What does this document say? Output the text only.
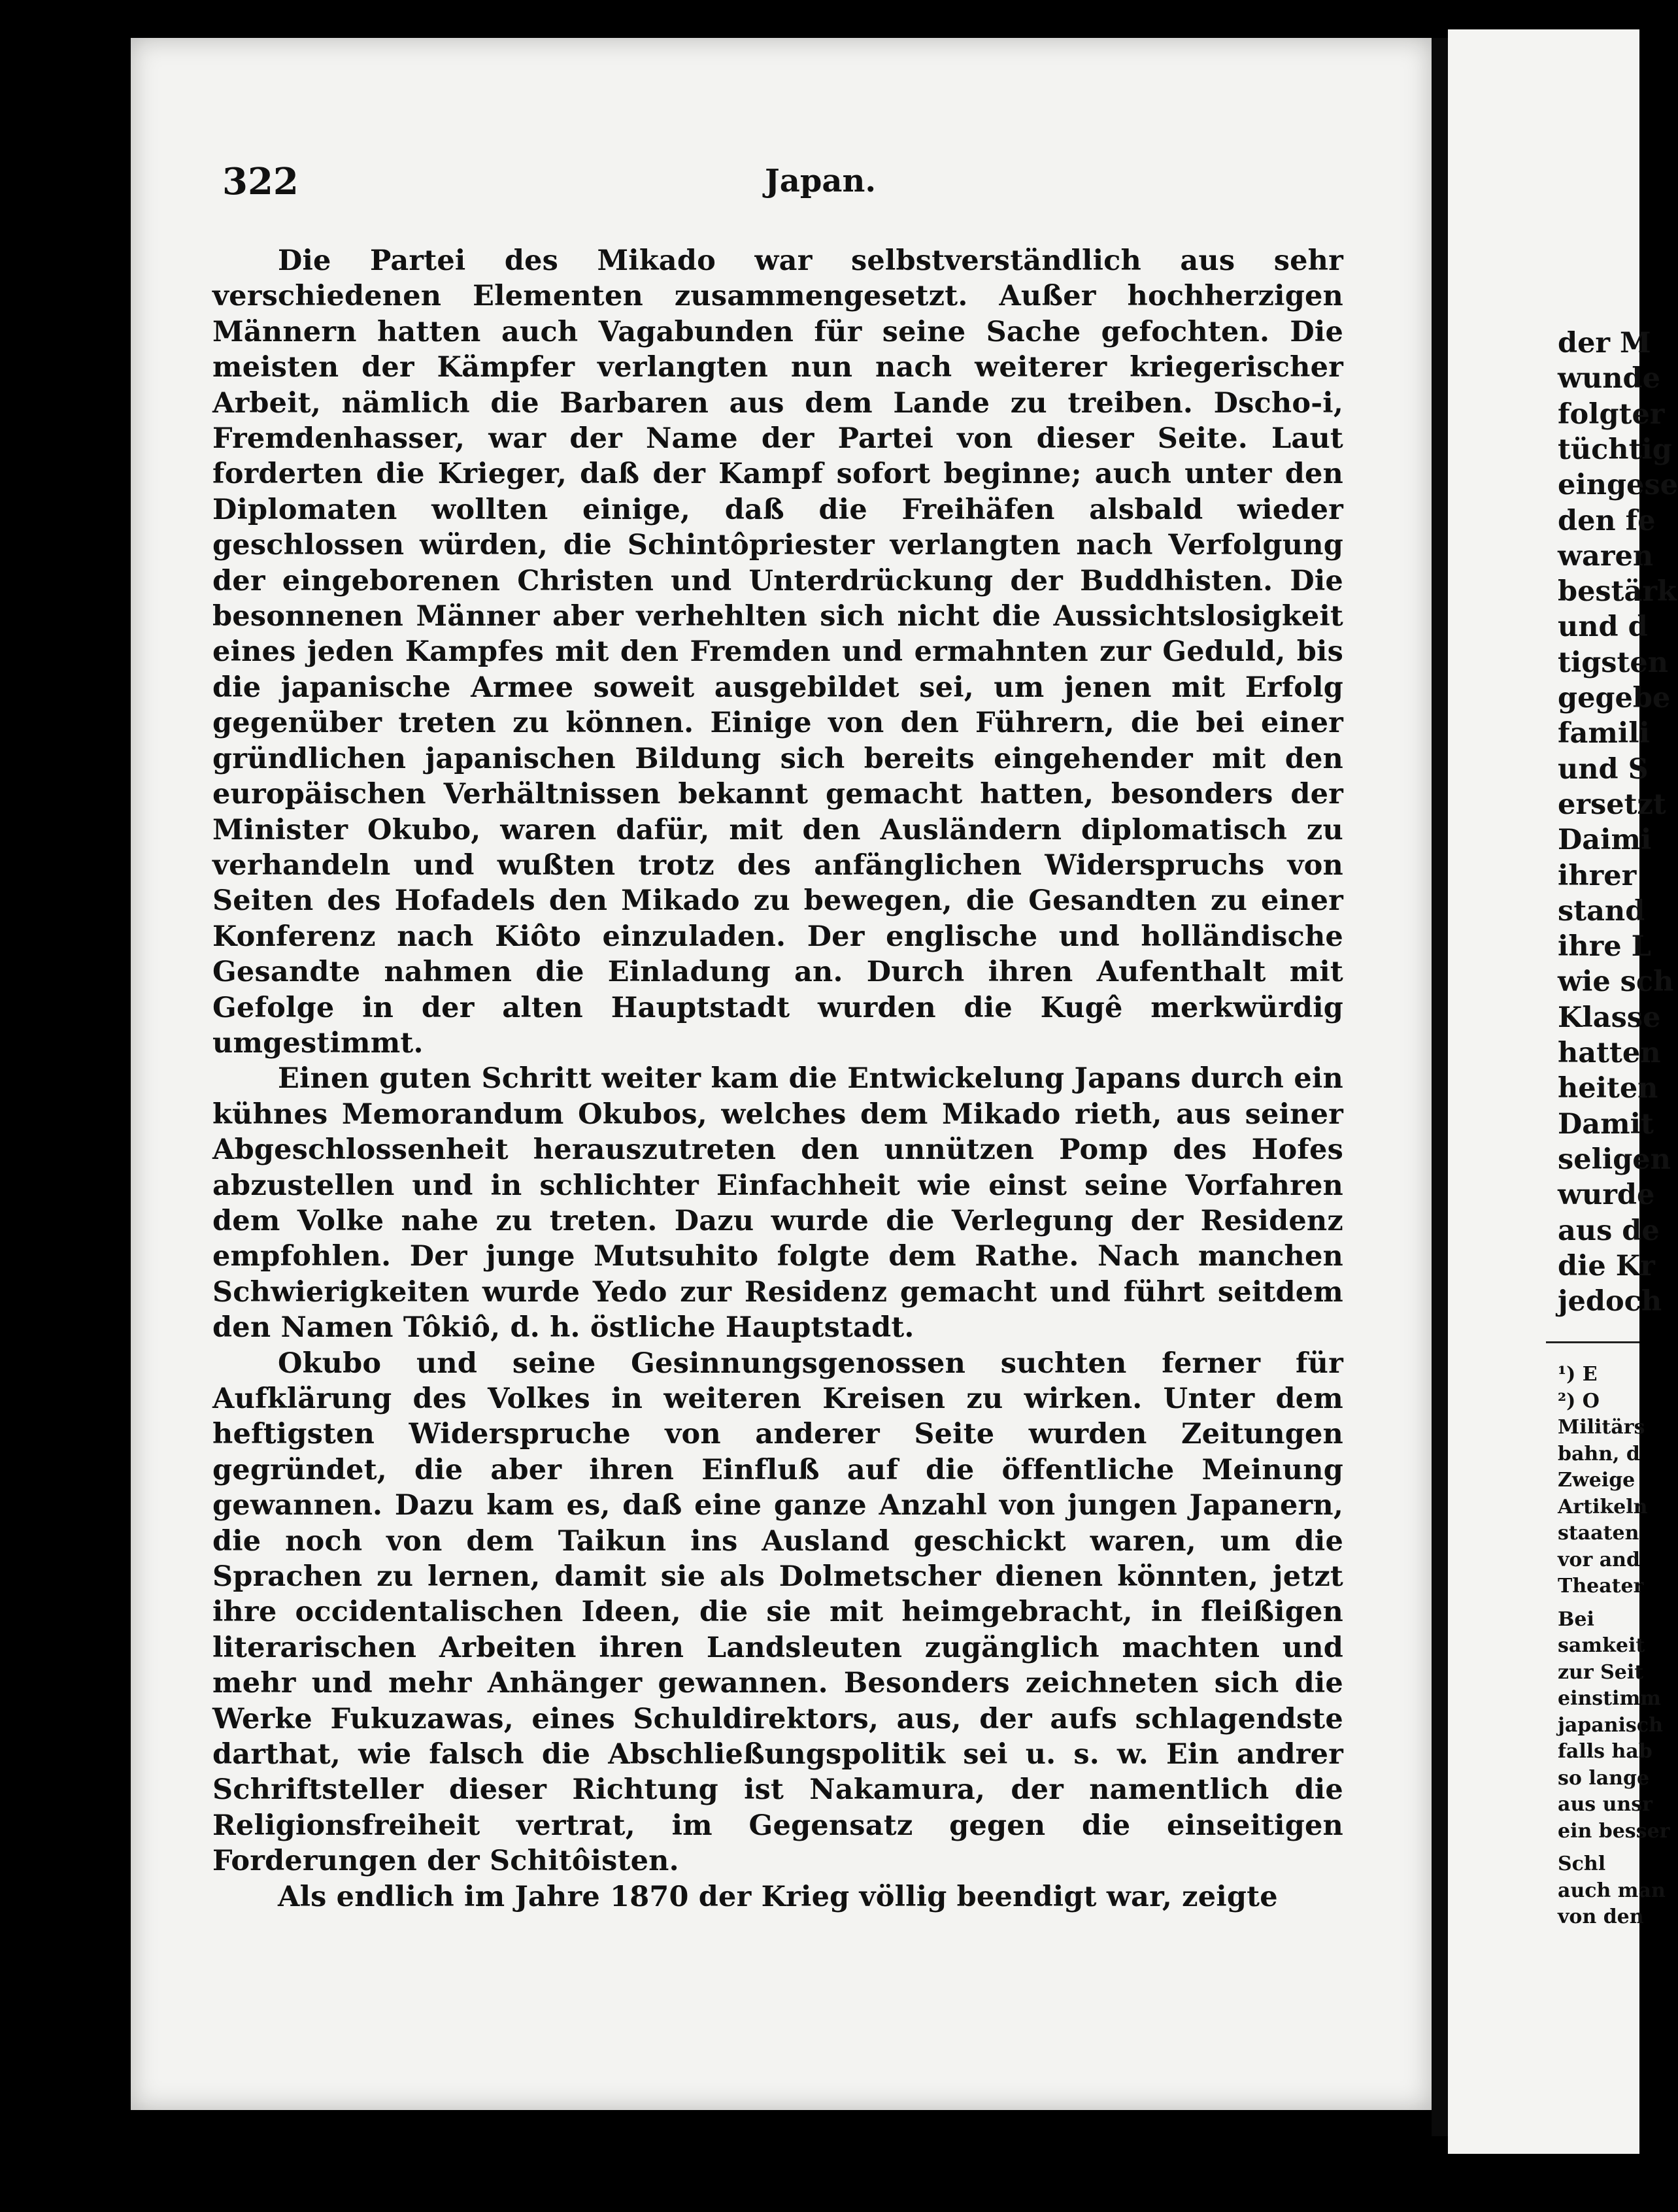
der M
wunde
folgter
tüchtig
eingese
den fe
waren
bestärk
und d
tigsten
gegebe
famili
und S
ersetzt
Daimi
ihrer
stand
ihre L
wie sch
Klasse
hatten
heiten
Damit
seligen
wurde
aus de
die Kr
jedoch
¹) E
²) O
Militärs
bahn, d
Zweige
Artikeln
staaten
vor and
Theater
Bei
samkeit
zur Seit
einstimm
japanisch
falls hab
so lange
aus unsr
ein besser
Schl
auch man
von den
322	Japan.

Die Partei des Mikado war selbstverständlich aus sehr verschiedenen Elementen zusammengesetzt. Außer hochherzigen Männern hatten auch Vagabunden für seine Sache gefochten. Die meisten der Kämpfer verlangten nun nach weiterer kriegerischer Arbeit, nämlich die Barbaren aus dem Lande zu treiben. Dscho-i, Fremdenhasser, war der Name der Partei von dieser Seite. Laut forderten die Krieger, daß der Kampf sofort beginne; auch unter den Diplomaten wollten einige, daß die Freihäfen alsbald wieder geschlossen würden, die Schintôpriester verlangten nach Verfolgung der eingeborenen Christen und Unterdrückung der Buddhisten. Die besonnenen Männer aber verhehlten sich nicht die Aussichtslosigkeit eines jeden Kampfes mit den Fremden und ermahnten zur Geduld, bis die japanische Armee soweit ausgebildet sei, um jenen mit Erfolg gegenüber treten zu können. Einige von den Führern, die bei einer gründlichen japanischen Bildung sich bereits eingehender mit den europäischen Verhältnissen bekannt gemacht hatten, besonders der Minister Okubo, waren dafür, mit den Ausländern diplomatisch zu verhandeln und wußten trotz des anfänglichen Widerspruchs von Seiten des Hofadels den Mikado zu bewegen, die Gesandten zu einer Konferenz nach Kiôto einzuladen. Der englische und holländische Gesandte nahmen die Einladung an. Durch ihren Aufenthalt mit Gefolge in der alten Hauptstadt wurden die Kugê merkwürdig umgestimmt.

Einen guten Schritt weiter kam die Entwickelung Japans durch ein kühnes Memorandum Okubos, welches dem Mikado rieth, aus seiner Abgeschlossenheit herauszutreten den unnützen Pomp des Hofes abzustellen und in schlichter Einfachheit wie einst seine Vorfahren dem Volke nahe zu treten. Dazu wurde die Verlegung der Residenz empfohlen. Der junge Mutsuhito folgte dem Rathe. Nach manchen Schwierigkeiten wurde Yedo zur Residenz gemacht und führt seitdem den Namen Tôkiô, d. h. östliche Hauptstadt.

Okubo und seine Gesinnungsgenossen suchten ferner für Aufklärung des Volkes in weiteren Kreisen zu wirken. Unter dem heftigsten Widerspruche von anderer Seite wurden Zeitungen gegründet, die aber ihren Einfluß auf die öffentliche Meinung gewannen. Dazu kam es, daß eine ganze Anzahl von jungen Japanern, die noch von dem Taikun ins Ausland geschickt waren, um die Sprachen zu lernen, damit sie als Dolmetscher dienen könnten, jetzt ihre occidentalischen Ideen, die sie mit heimgebracht, in fleißigen literarischen Arbeiten ihren Landsleuten zugänglich machten und mehr und mehr Anhänger gewannen. Besonders zeichneten sich die Werke Fukuzawas, eines Schuldirektors, aus, der aufs schlagendste darthat, wie falsch die Abschließungspolitik sei u. s. w. Ein andrer Schriftsteller dieser Richtung ist Nakamura, der namentlich die Religionsfreiheit vertrat, im Gegensatz gegen die einseitigen Forderungen der Schitôisten.

Als endlich im Jahre 1870 der Krieg völlig beendigt war, zeigte
